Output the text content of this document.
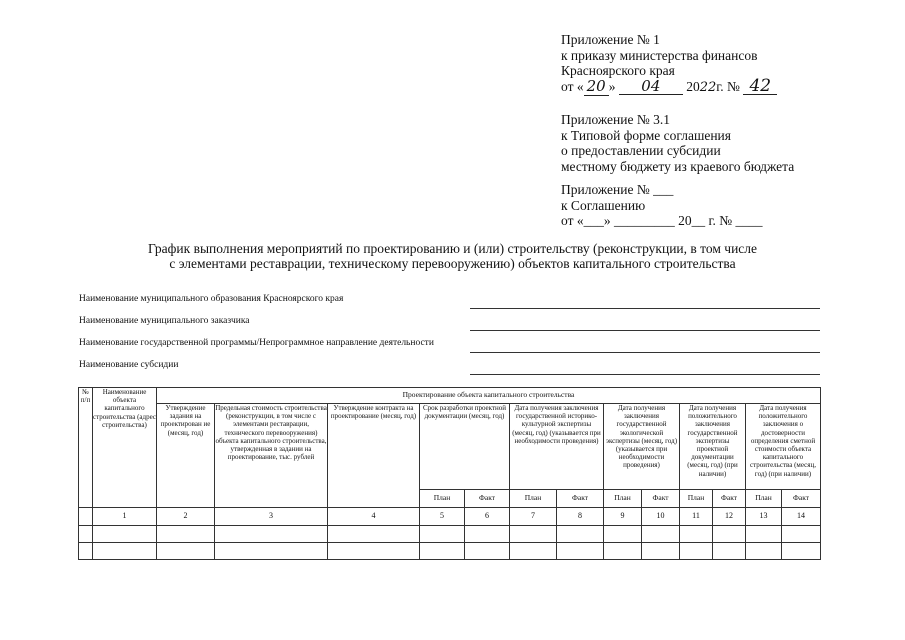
Приложение № 1
к приказу министерства финансов
Красноярского края
от « 20 » 04 2022г. № 42
Приложение № 3.1
к Типовой форме соглашения
о предоставлении субсидии
местному бюджету из краевого бюджета
Приложение № ___
к Соглашению
от «___» _________ 20__ г. № ____
График выполнения мероприятий по проектированию и (или) строительству (реконструкции, в том числе
с элементами реставрации, техническому перевооружению) объектов капитального строительства
Наименование муниципального образования Красноярского края
Наименование муниципального заказчика
Наименование государственной программы/Непрограммное направление деятельности
Наименование субсидии
№ п/п	Наименование объекта капитального строительства (адрес строительства)	Проектирование объекта капитального строительства												
		Утверждение задания на проектирован ие (месяц, год)	Предельная стоимость строительства (реконструкции, в том числе с элементами реставрации, технического перевооружения) объекта капитального строительства, утвержденная в задании на проектирование, тыс. рублей	Утверждение контракта на проектирование (месяц, год)	Срок разработки проектной документации (месяц, год)		Дата получения заключения государственной историко-культурной экспертизы (месяц, год) (указывается при необходимости проведения)		Дата получения заключения государственной экологической экспертизы (месяц, год) (указывается при необходимости проведения)		Дата получения положительного заключения государственной экспертизы проектной документации (месяц, год) (при наличии)		Дата получения положительного заключения о достоверности определения сметной стоимости объекта капитального строительства (месяц, год) (при наличии)	
					План	Факт	План	Факт	План	Факт	План	Факт	План	Факт
	1	2	3	4	5	6	7	8	9	10	11	12	13	14
